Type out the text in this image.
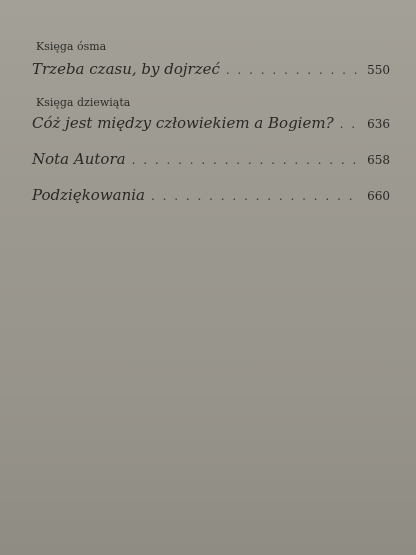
Księga ósma
Trzeba czasu, by dojrzeć . . .	550
Księga dziewiąta
Cóż jest między człowiekiem a Bogiem? . . .	636
Nota Autora . . .	658
Podziękowania . . .	660
